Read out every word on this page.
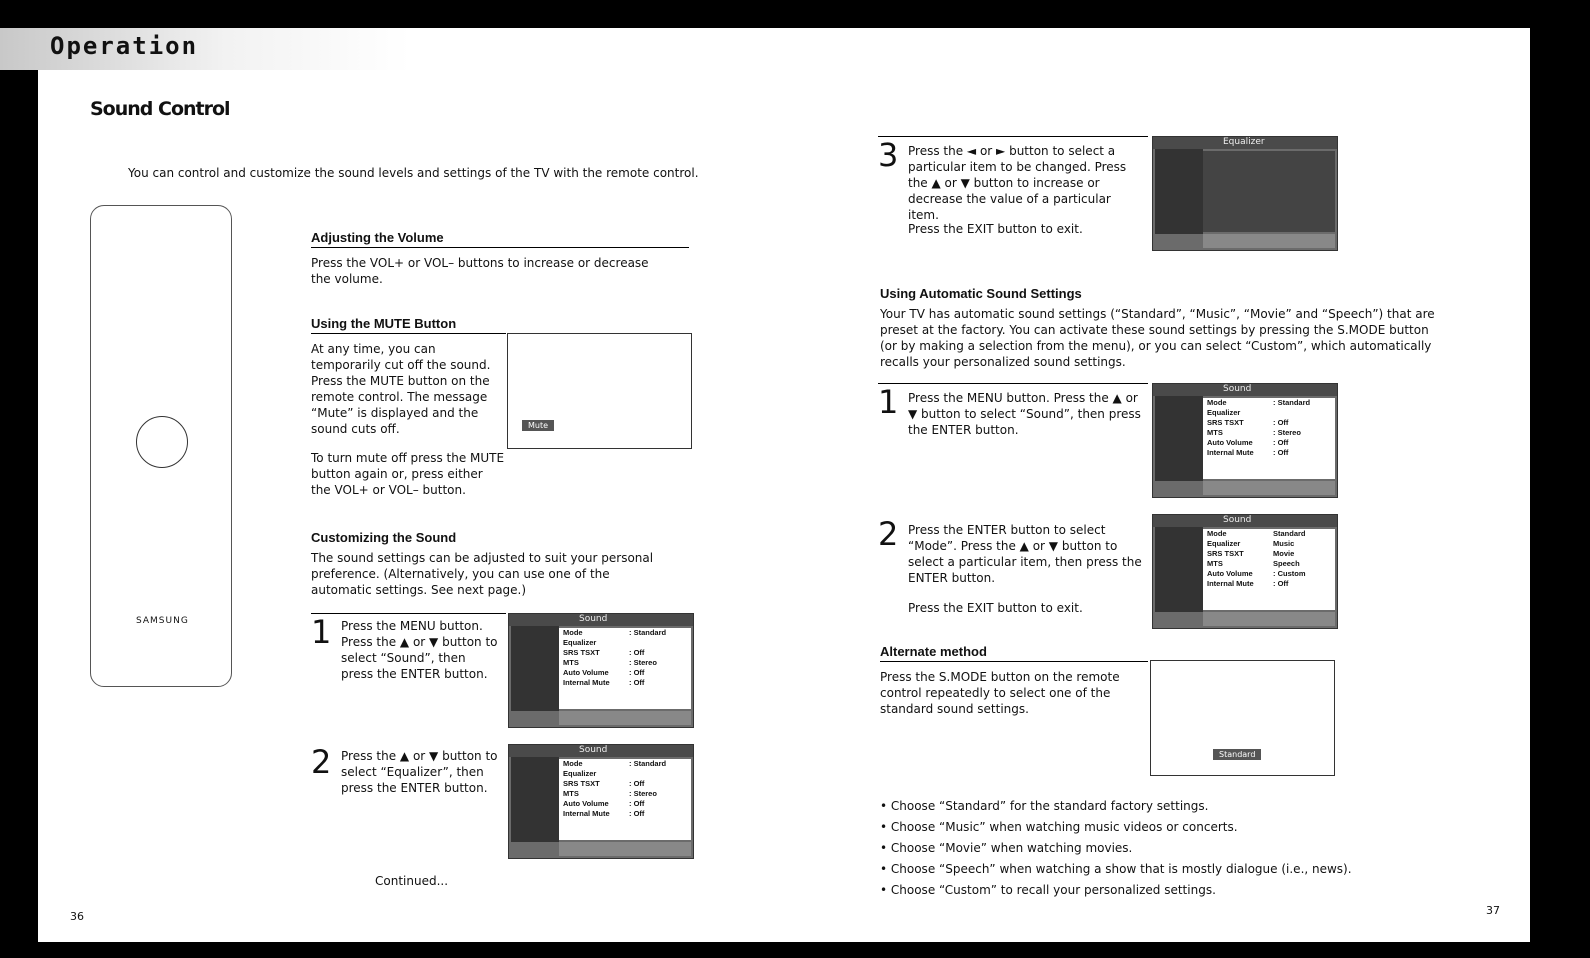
Operation
Sound Control

You can control and customize the sound levels and settings of the TV with the remote control.

SAMSUNG
Adjusting the Volume

Press the VOL+ or VOL– buttons to increase or decrease the volume.

Using the MUTE Button

At any time, you can temporarily cut off the sound. Press the MUTE button on the remote control. The message “Mute” is displayed and the sound cuts off.

To turn mute off press the MUTE button again or, press either the VOL+ or VOL– button.

Mute
Customizing the Sound

The sound settings can be adjusted to suit your personal preference. (Alternatively, you can use one of the automatic settings. See next page.)

1 Press the MENU button. Press the ▲ or ▼ button to select “Sound”, then press the ENTER button.
Sound
Mode	: Standard
Equalizer
SRS TSXT	: Off
MTS	: Stereo
Auto Volume	: Off
Internal Mute	: Off
2 Press the ▲ or ▼ button to select “Equalizer”, then press the ENTER button.
Sound
Mode	: Standard
Equalizer
SRS TSXT	: Off
MTS	: Stereo
Auto Volume	: Off
Internal Mute	: Off
Continued...
36
3 Press the ◄ or ► button to select a particular item to be changed. Press the ▲ or ▼ button to increase or decrease the value of a particular item.
Press the EXIT button to exit.
Equalizer
Using Automatic Sound Settings

Your TV has automatic sound settings (“Standard”, “Music”, “Movie” and “Speech”) that are preset at the factory. You can activate these sound settings by pressing the S.MODE button (or by making a selection from the menu), or you can select “Custom”, which automatically recalls your personalized sound settings.

1 Press the MENU button. Press the ▲ or ▼ button to select “Sound”, then press the ENTER button.
Sound
Mode	: Standard
Equalizer
SRS TSXT	: Off
MTS	: Stereo
Auto Volume	: Off
Internal Mute	: Off
2 Press the ENTER button to select “Mode”. Press the ▲ or ▼ button to select a particular item, then press the ENTER button.
Press the EXIT button to exit.
Sound
Mode	Standard
Equalizer	Music
SRS TSXT	Movie
MTS	Speech
Auto Volume	: Custom
Internal Mute	: Off
Alternate method

Press the S.MODE button on the remote control repeatedly to select one of the standard sound settings.

Standard
• Choose “Standard” for the standard factory settings.
• Choose “Music” when watching music videos or concerts.
• Choose “Movie” when watching movies.
• Choose “Speech” when watching a show that is mostly dialogue (i.e., news).
• Choose “Custom” to recall your personalized settings.
37
